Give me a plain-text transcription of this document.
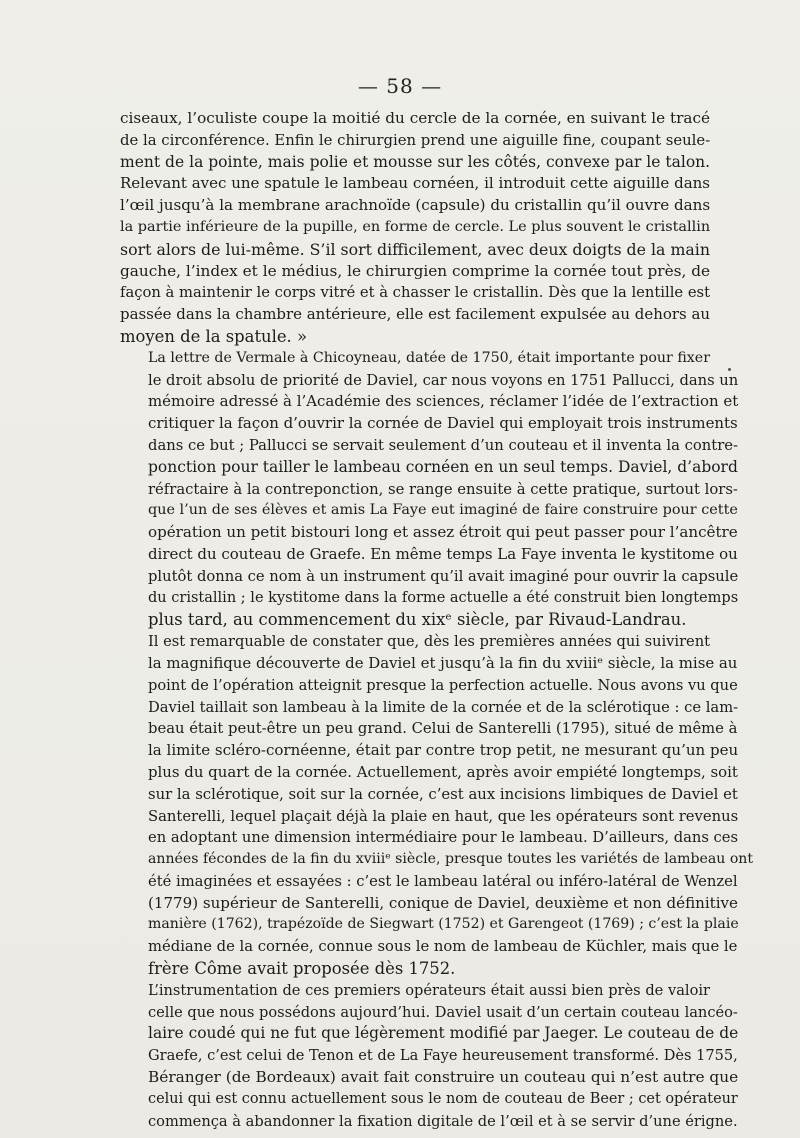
— 58 —
ciseaux, l’oculiste coupe la moitié du cercle de la cornée, en suivant le tracé
de la circonférence. Enfin le chirurgien prend une aiguille fine, coupant seule-
ment de la pointe, mais polie et mousse sur les côtés, convexe par le talon.
Relevant avec une spatule le lambeau cornéen, il introduit cette aiguille dans
l’œil jusqu’à la membrane arachnoïde (capsule) du cristallin qu’il ouvre dans
la partie inférieure de la pupille, en forme de cercle. Le plus souvent le cristallin
sort alors de lui-même. S’il sort difficilement, avec deux doigts de la main
gauche, l’index et le médius, le chirurgien comprime la cornée tout près, de
façon à maintenir le corps vitré et à chasser le cristallin. Dès que la lentille est
passée dans la chambre antérieure, elle est facilement expulsée au dehors au
moyen de la spatule. »
La lettre de Vermale à Chicoyneau, datée de 1750, était importante pour fixer
le droit absolu de priorité de Daviel, car nous voyons en 1751 Pallucci, dans un
mémoire adressé à l’Académie des sciences, réclamer l’idée de l’extraction et
critiquer la façon d’ouvrir la cornée de Daviel qui employait trois instruments
dans ce but ; Pallucci se servait seulement d’un couteau et il inventa la contre-
ponction pour tailler le lambeau cornéen en un seul temps. Daviel, d’abord
réfractaire à la contreponction, se range ensuite à cette pratique, surtout lors-
que l’un de ses élèves et amis La Faye eut imaginé de faire construire pour cette
opération un petit bistouri long et assez étroit qui peut passer pour l’ancêtre
direct du couteau de Graefe. En même temps La Faye inventa le kystitome ou
plutôt donna ce nom à un instrument qu’il avait imaginé pour ouvrir la capsule
du cristallin ; le kystitome dans la forme actuelle a été construit bien longtemps
plus tard, au commencement du xixᵉ siècle, par Rivaud-Landrau.
Il est remarquable de constater que, dès les premières années qui suivirent
la magnifique découverte de Daviel et jusqu’à la fin du xviiiᵉ siècle, la mise au
point de l’opération atteignit presque la perfection actuelle. Nous avons vu que
Daviel taillait son lambeau à la limite de la cornée et de la sclérotique : ce lam-
beau était peut-être un peu grand. Celui de Santerelli (1795), situé de même à
la limite scléro-cornéenne, était par contre trop petit, ne mesurant qu’un peu
plus du quart de la cornée. Actuellement, après avoir empiété longtemps, soit
sur la sclérotique, soit sur la cornée, c’est aux incisions limbiques de Daviel et
Santerelli, lequel plaçait déjà la plaie en haut, que les opérateurs sont revenus
en adoptant une dimension intermédiaire pour le lambeau. D’ailleurs, dans ces
années fécondes de la fin du xviiiᵉ siècle, presque toutes les variétés de lambeau ont
été imaginées et essayées : c’est le lambeau latéral ou inféro-latéral de Wenzel
(1779) supérieur de Santerelli, conique de Daviel, deuxième et non définitive
manière (1762), trapézoïde de Siegwart (1752) et Garengeot (1769) ; c’est la plaie
médiane de la cornée, connue sous le nom de lambeau de Küchler, mais que le
frère Côme avait proposée dès 1752.
L’instrumentation de ces premiers opérateurs était aussi bien près de valoir
celle que nous possédons aujourd’hui. Daviel usait d’un certain couteau lancéo-
laire coudé qui ne fut que légèrement modifié par Jaeger. Le couteau de de
Graefe, c’est celui de Tenon et de La Faye heureusement transformé. Dès 1755,
Béranger (de Bordeaux) avait fait construire un couteau qui n’est autre que
celui qui est connu actuellement sous le nom de couteau de Beer ; cet opérateur
commença à abandonner la fixation digitale de l’œil et à se servir d’une érigne.
